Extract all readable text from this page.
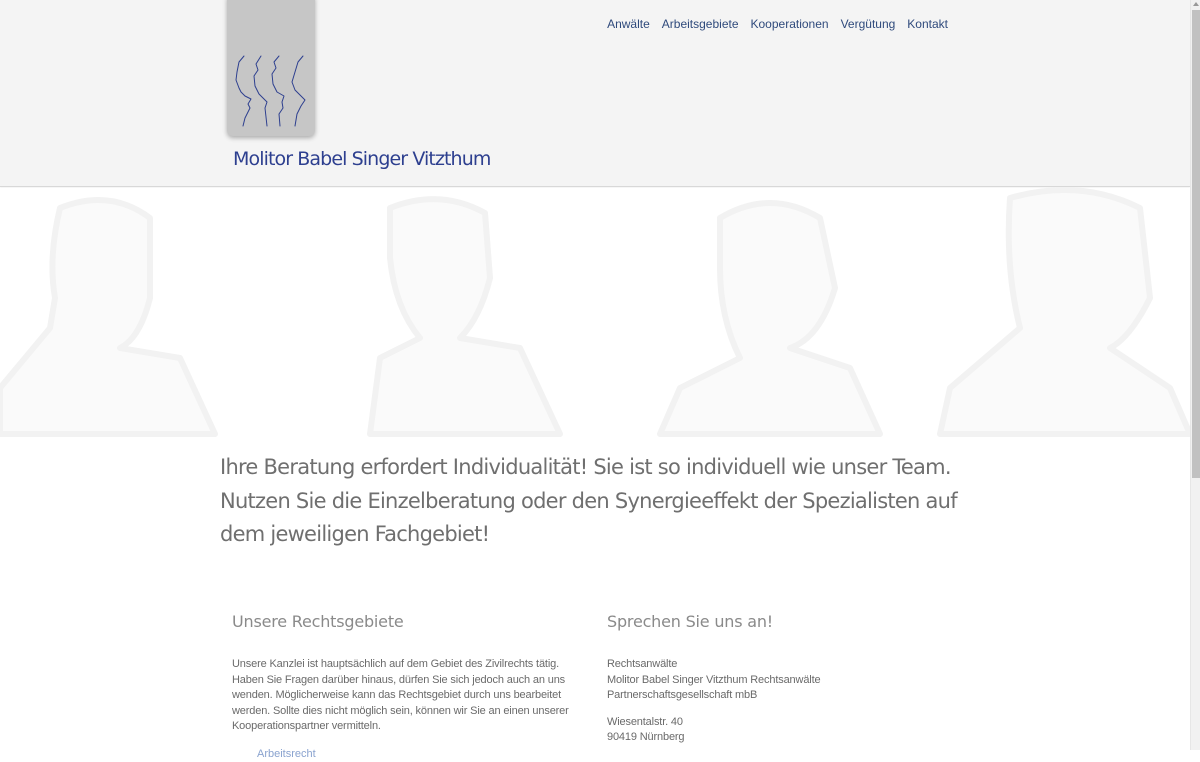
Molitor Babel Singer Vitzthum
Anwälte	Arbeitsgebiete	Kooperationen	Vergütung	Kontakt
Ihre Beratung erfordert Individualität! Sie ist so individuell wie unser Team. Nutzen Sie die Einzelberatung oder den Synergieeffekt der Spezialisten auf dem jeweiligen Fachgebiet!
Unsere Rechtsgebiete

Unsere Kanzlei ist hauptsächlich auf dem Gebiet des Zivilrechts tätig. Haben Sie Fragen darüber hinaus, dürfen Sie sich jedoch auch an uns wenden. Möglicherweise kann das Rechtsgebiet durch uns bearbeitet werden. Sollte dies nicht möglich sein, können wir Sie an einen unserer Kooperationspartner vermitteln.

Arbeitsrecht
Sprechen Sie uns an!

Rechtsanwälte
Molitor Babel Singer Vitzthum Rechtsanwälte
Partnerschaftsgesellschaft mbB

Wiesentalstr. 40
90419 Nürnberg
